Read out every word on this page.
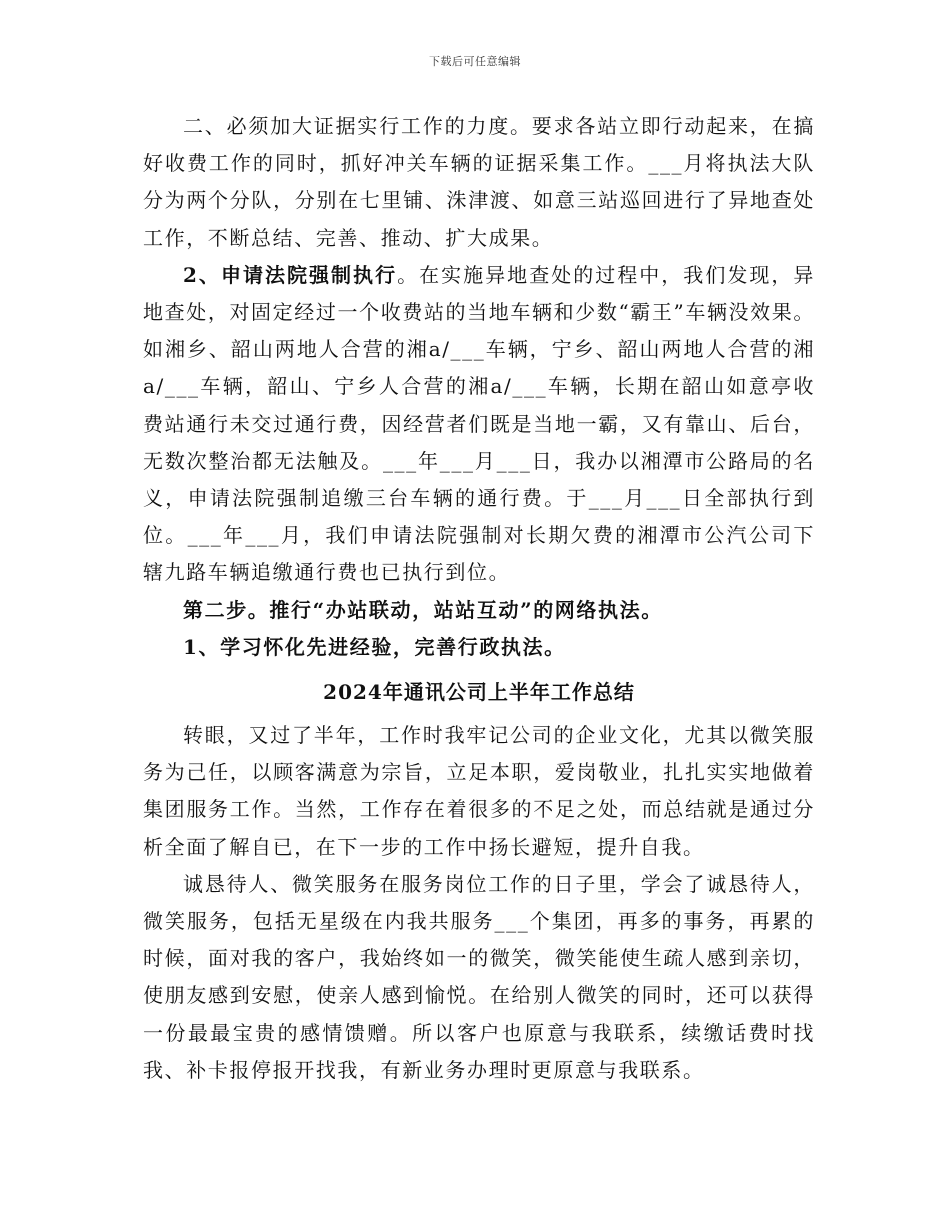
下载后可任意编辑

二、必须加大证据实行工作的力度。要求各站立即行动起来，在搞好收费工作的同时，抓好冲关车辆的证据采集工作。___月将执法大队分为两个分队，分别在七里铺、洙津渡、如意三站巡回进行了异地查处工作，不断总结、完善、推动、扩大成果。

2、申请法院强制执行。在实施异地查处的过程中，我们发现，异地查处，对固定经过一个收费站的当地车辆和少数“霸王”车辆没效果。如湘乡、韶山两地人合营的湘a/___车辆，宁乡、韶山两地人合营的湘a/___车辆，韶山、宁乡人合营的湘a/___车辆，长期在韶山如意亭收费站通行未交过通行费，因经营者们既是当地一霸，又有靠山、后台，无数次整治都无法触及。___年___月___日，我办以湘潭市公路局的名义，申请法院强制追缴三台车辆的通行费。于___月___日全部执行到位。___年___月，我们申请法院强制对长期欠费的湘潭市公汽公司下辖九路车辆追缴通行费也已执行到位。

第二步。推行“办站联动，站站互动”的网络执法。

1、学习怀化先进经验，完善行政执法。

2024年通讯公司上半年工作总结

转眼，又过了半年，工作时我牢记公司的企业文化，尤其以微笑服务为己任，以顾客满意为宗旨，立足本职，爱岗敬业，扎扎实实地做着集团服务工作。当然，工作存在着很多的不足之处，而总结就是通过分析全面了解自已，在下一步的工作中扬长避短，提升自我。

诚恳待人、微笑服务在服务岗位工作的日子里，学会了诚恳待人，微笑服务，包括无星级在内我共服务___个集团，再多的事务，再累的时候，面对我的客户，我始终如一的微笑，微笑能使生疏人感到亲切，使朋友感到安慰，使亲人感到愉悦。在给别人微笑的同时，还可以获得一份最最宝贵的感情馈赠。所以客户也原意与我联系，续缴话费时找我、补卡报停报开找我，有新业务办理时更原意与我联系。
